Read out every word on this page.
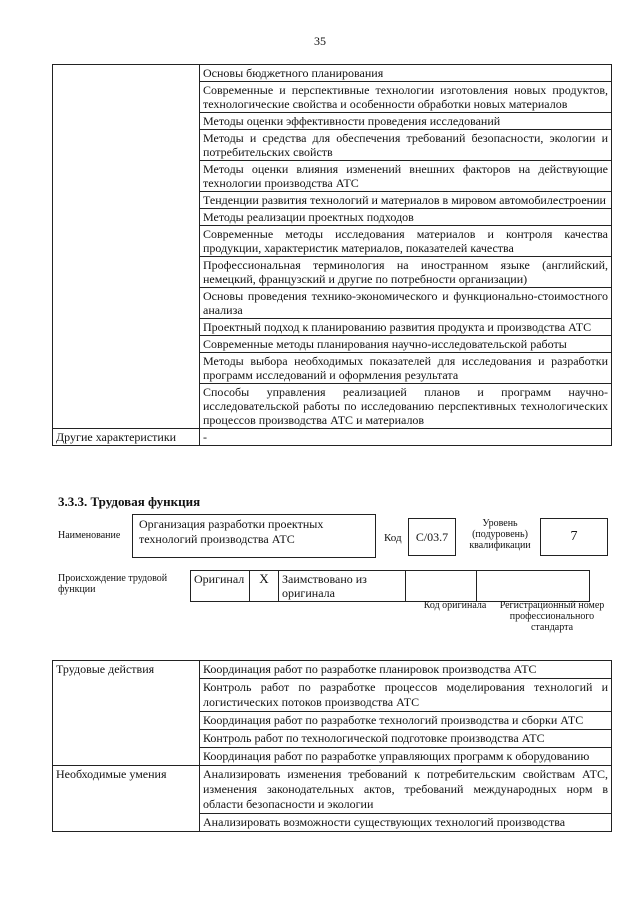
35
	Основы бюджетного планирования
	Современные и перспективные технологии изготовления новых продуктов, технологические свойства и особенности обработки новых материалов
	Методы оценки эффективности проведения исследований
	Методы и средства для обеспечения требований безопасности, экологии и потребительских свойств
	Методы оценки влияния изменений внешних факторов на действующие технологии производства АТС
	Тенденции развития технологий и материалов в мировом автомобилестроении
	Методы реализации проектных подходов
	Современные методы исследования материалов и контроля качества продукции, характеристик материалов, показателей качества
	Профессиональная терминология на иностранном языке (английский, немецкий, французский и другие по потребности организации)
	Основы проведения технико-экономического и функционально-стоимостного анализа
	Проектный подход к планированию развития продукта и производства АТС
	Современные методы планирования научно-исследовательской работы
	Методы выбора необходимых показателей для исследования и разработки программ исследований и оформления результата
	Способы управления реализацией планов и программ научно-исследовательской работы по исследованию перспективных технологических процессов производства АТС и материалов
Другие характеристики	-
3.3.3. Трудовая функция
Наименование
Организация разработки проектных технологий производства АТС	Код	C/03.7
Уровень (подуровень) квалификации
7
Происхождение трудовой функции
Оригинал	X	Заимствовано из оригинала		
Код оригинала	Регистрационный номер профессионального стандарта
Трудовые действия	Координация работ по разработке планировок производства АТС
	Контроль работ по разработке процессов моделирования технологий и логистических потоков производства АТС
	Координация работ по разработке технологий производства и сборки АТС
	Контроль работ по технологической подготовке производства АТС
	Координация работ по разработке управляющих программ к оборудованию
Необходимые умения	Анализировать изменения требований к потребительским свойствам АТС, изменения законодательных актов, требований международных норм в области безопасности и экологии
	Анализировать возможности существующих технологий производства
